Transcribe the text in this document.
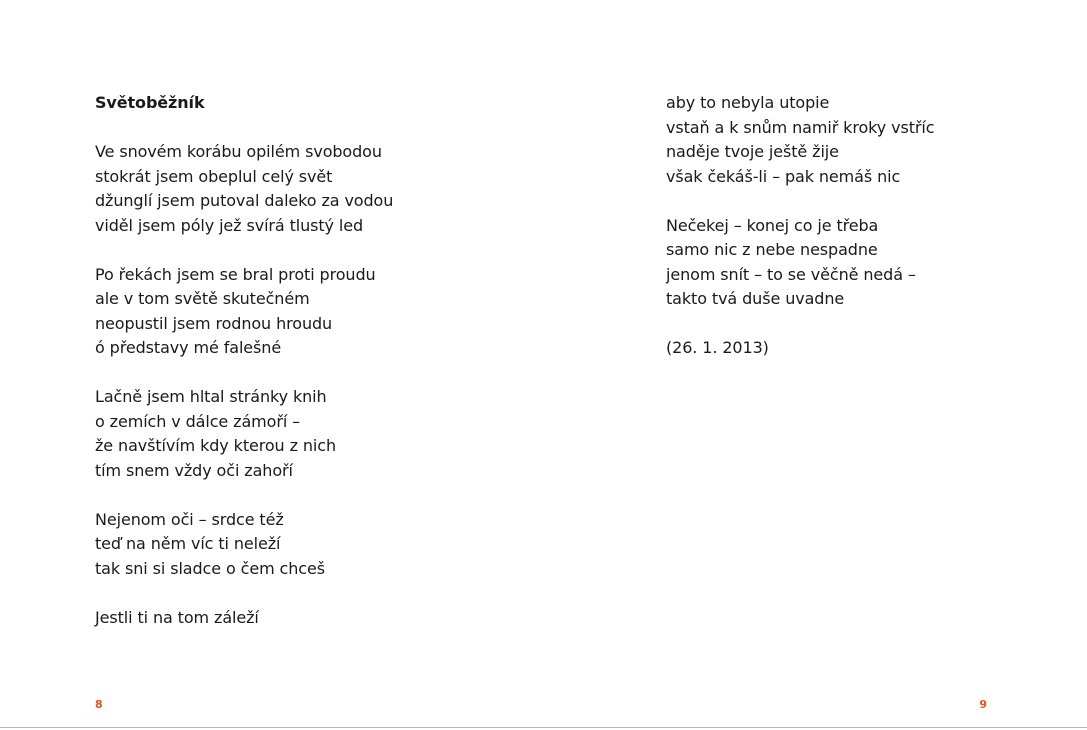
Světoběžník
Ve snovém korábu opilém svobodou
stokrát jsem obeplul celý svět
džunglí jsem putoval daleko za vodou
viděl jsem póly jež svírá tlustý led
Po řekách jsem se bral proti proudu
ale v tom světě skutečném
neopustil jsem rodnou hroudu
ó představy mé falešné
Lačně jsem hltal stránky knih
o zemích v dálce zámoří –
že navštívím kdy kterou z nich
tím snem vždy oči zahoří
Nejenom oči – srdce též
teď na něm víc ti neleží
tak sni si sladce o čem chceš
Jestli ti na tom záleží
8
aby to nebyla utopie
vstaň a k snům namiř kroky vstříc
naděje tvoje ještě žije
však čekáš-li – pak nemáš nic
Nečekej – konej co je třeba
samo nic z nebe nespadne
jenom snít – to se věčně nedá –
takto tvá duše uvadne
(26. 1. 2013)
9
